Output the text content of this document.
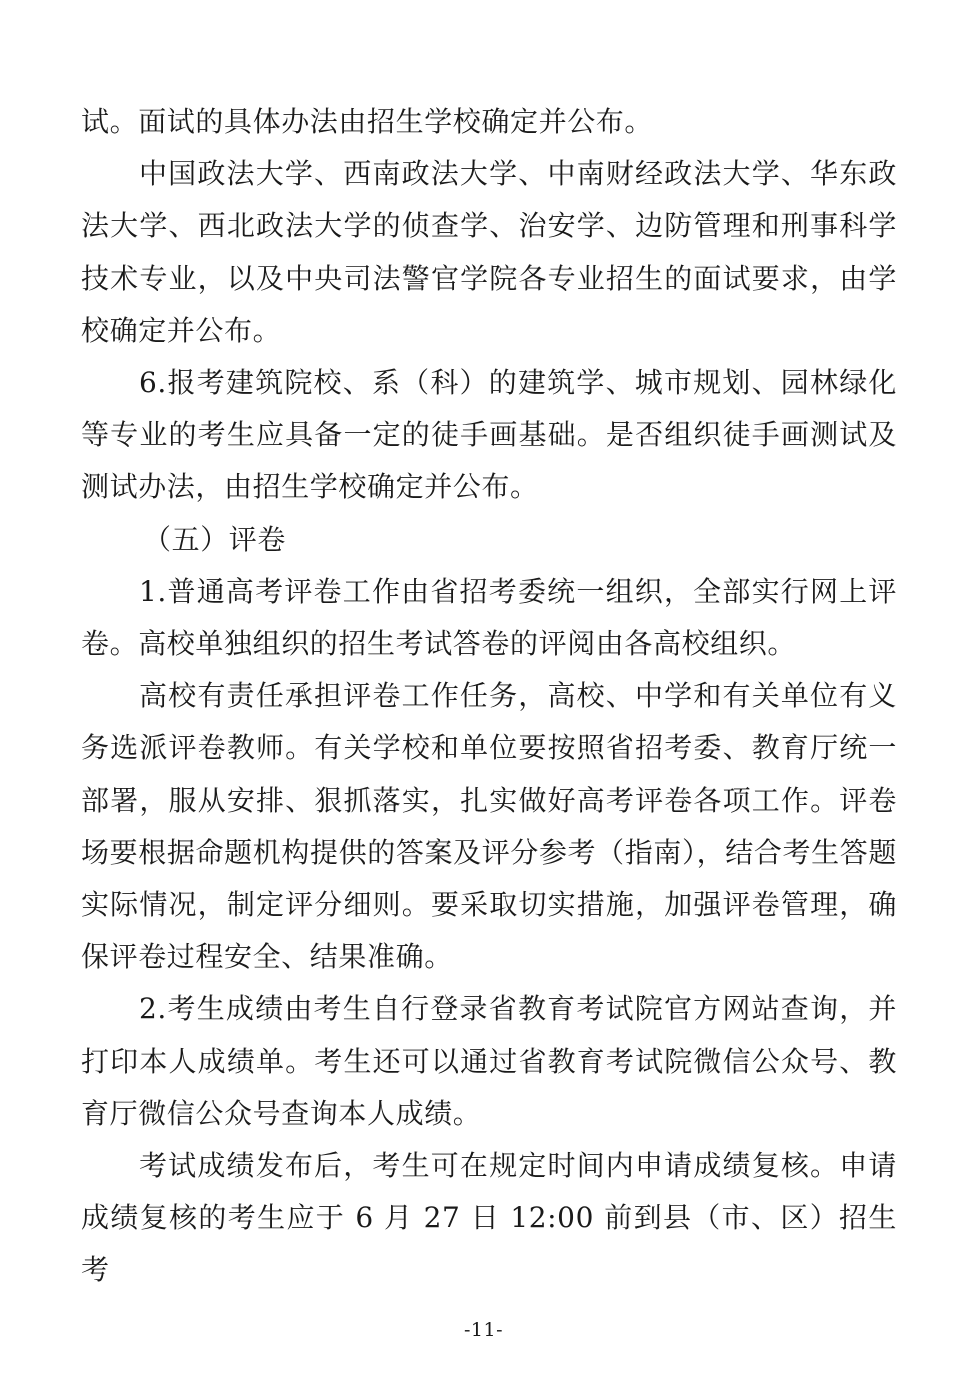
试。面试的具体办法由招生学校确定并公布。

中国政法大学、西南政法大学、中南财经政法大学、华东政法大学、西北政法大学的侦查学、治安学、边防管理和刑事科学技术专业，以及中央司法警官学院各专业招生的面试要求，由学校确定并公布。

6.报考建筑院校、系（科）的建筑学、城市规划、园林绿化等专业的考生应具备一定的徒手画基础。是否组织徒手画测试及测试办法，由招生学校确定并公布。

（五）评卷

1.普通高考评卷工作由省招考委统一组织，全部实行网上评卷。高校单独组织的招生考试答卷的评阅由各高校组织。

高校有责任承担评卷工作任务，高校、中学和有关单位有义务选派评卷教师。有关学校和单位要按照省招考委、教育厅统一部署，服从安排、狠抓落实，扎实做好高考评卷各项工作。评卷场要根据命题机构提供的答案及评分参考（指南），结合考生答题实际情况，制定评分细则。要采取切实措施，加强评卷管理，确保评卷过程安全、结果准确。

2.考生成绩由考生自行登录省教育考试院官方网站查询，并打印本人成绩单。考生还可以通过省教育考试院微信公众号、教育厅微信公众号查询本人成绩。

考试成绩发布后，考生可在规定时间内申请成绩复核。申请成绩复核的考生应于 6 月 27 日 12:00 前到县（市、区）招生考

-11-
